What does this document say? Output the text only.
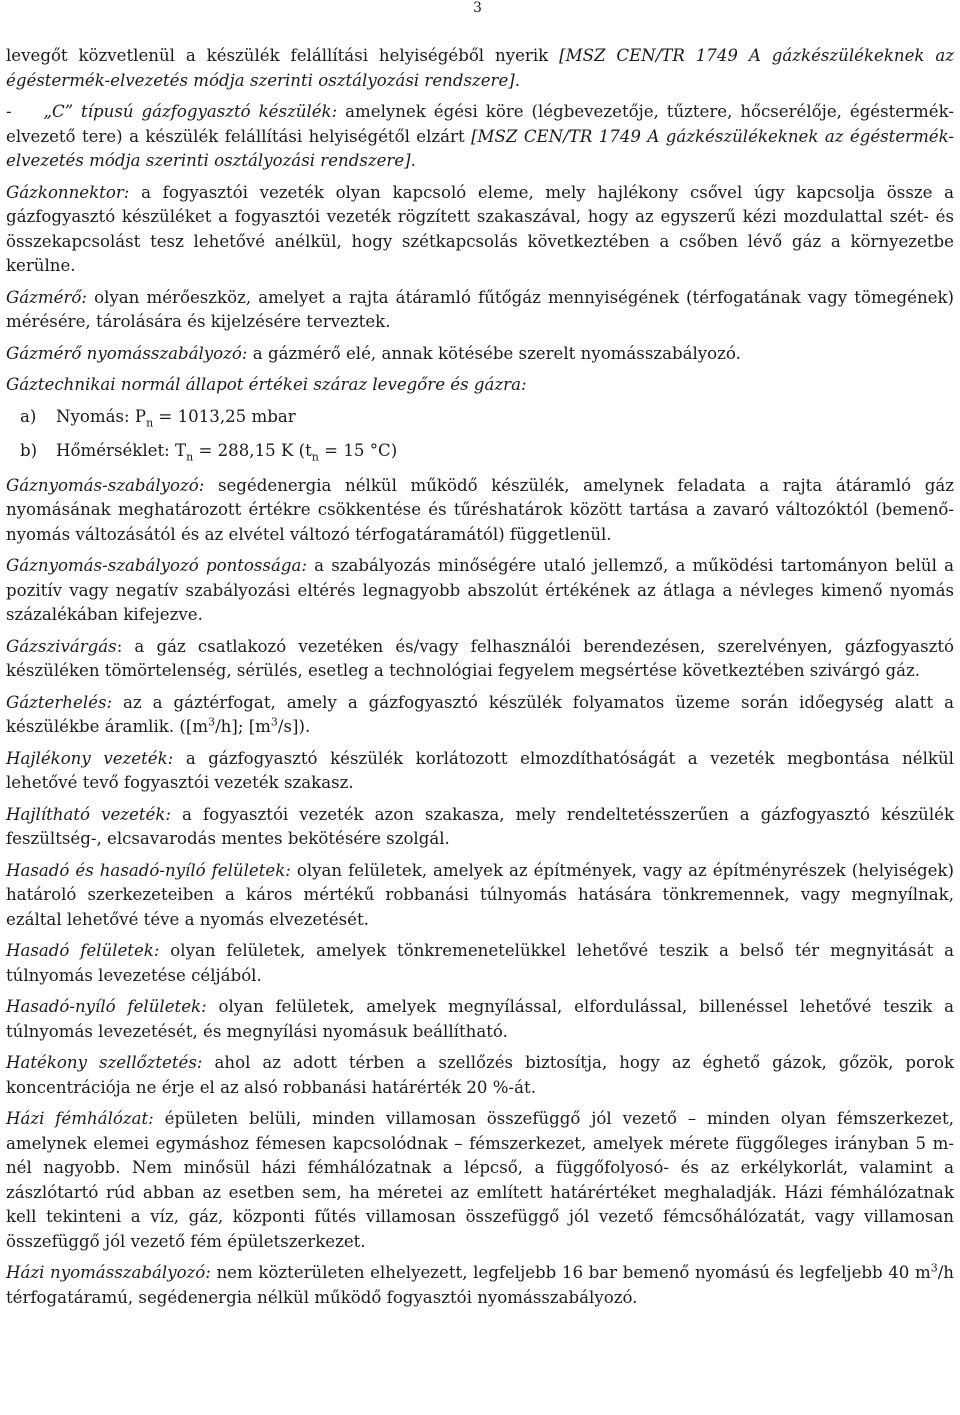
3

levegőt közvetlenül a készülék felállítási helyiségéből nyerik [MSZ CEN/TR 1749 A gázkészülékeknek az égéstermék-elvezetés módja szerinti osztályozási rendszere].

- „C” típusú gázfogyasztó készülék: amelynek égési köre (légbevezetője, tűztere, hőcserélője, égéstermék-elvezető tere) a készülék felállítási helyiségétől elzárt [MSZ CEN/TR 1749 A gázkészülékeknek az égéstermék-elvezetés módja szerinti osztályozási rendszere].

Gázkonnektor: a fogyasztói vezeték olyan kapcsoló eleme, mely hajlékony csővel úgy kapcsolja össze a gázfogyasztó készüléket a fogyasztói vezeték rögzített szakaszával, hogy az egyszerű kézi mozdulattal szét- és összekapcsolást tesz lehetővé anélkül, hogy szétkapcsolás következtében a csőben lévő gáz a környezetbe kerülne.

Gázmérő: olyan mérőeszköz, amelyet a rajta átáramló fűtőgáz mennyiségének (térfogatának vagy tömegének) mérésére, tárolására és kijelzésére terveztek.

Gázmérő nyomásszabályozó: a gázmérő elé, annak kötésébe szerelt nyomásszabályozó.

Gáztechnikai normál állapot értékei száraz levegőre és gázra:

a) Nyomás: $P_n = 1013,25$ mbar

b) Hőmérséklet: $T_n = 288,15$ K ($t_n = 15$ °C)

Gáznyomás-szabályozó: segédenergia nélkül működő készülék, amelynek feladata a rajta átáramló gáz nyomásának meghatározott értékre csökkentése és tűréshatárok között tartása a zavaró változóktól (bemenő-nyomás változásától és az elvétel változó térfogatáramától) függetlenül.

Gáznyomás-szabályozó pontossága: a szabályozás minőségére utaló jellemző, a működési tartományon belül a pozitív vagy negatív szabályozási eltérés legnagyobb abszolút értékének az átlaga a névleges kimenő nyomás százalékában kifejezve.

Gázszivárgás: a gáz csatlakozó vezetéken és/vagy felhasználói berendezésen, szerelvényen, gázfogyasztó készüléken tömörtelenség, sérülés, esetleg a technológiai fegyelem megsértése következtében szivárgó gáz.

Gázterhelés: az a gáztérfogat, amely a gázfogyasztó készülék folyamatos üzeme során időegység alatt a készülékbe áramlik. ($[m^3/h]$; $[m^3/s]$).

Hajlékony vezeték: a gázfogyasztó készülék korlátozott elmozdíthatóságát a vezeték megbontása nélkül lehetővé tevő fogyasztói vezeték szakasz.

Hajlítható vezeték: a fogyasztói vezeték azon szakasza, mely rendeltetésszerűen a gázfogyasztó készülék feszültség-, elcsavarodás mentes bekötésére szolgál.

Hasadó és hasadó-nyíló felületek: olyan felületek, amelyek az építmények, vagy az építményrészek (helyiségek) határoló szerkezeteiben a káros mértékű robbanási túlnyomás hatására tönkremennek, vagy megnyílnak, ezáltal lehetővé téve a nyomás elvezetését.

Hasadó felületek: olyan felületek, amelyek tönkremenetelükkel lehetővé teszik a belső tér megnyitását a túlnyomás levezetése céljából.

Hasadó-nyíló felületek: olyan felületek, amelyek megnyílással, elfordulással, billenéssel lehetővé teszik a túlnyomás levezetését, és megnyílási nyomásuk beállítható.

Hatékony szellőztetés: ahol az adott térben a szellőzés biztosítja, hogy az éghető gázok, gőzök, porok koncentrációja ne érje el az alsó robbanási határérték 20 %-át.

Házi fémhálózat: épületen belüli, minden villamosan összefüggő jól vezető – minden olyan fémszerkezet, amelynek elemei egymáshoz fémesen kapcsolódnak – fémszerkezet, amelyek mérete függőleges irányban 5 m-nél nagyobb. Nem minősül házi fémhálózatnak a lépcső, a függőfolyosó- és az erkélykorlát, valamint a zászlótartó rúd abban az esetben sem, ha méretei az említett határértéket meghaladják. Házi fémhálózatnak kell tekinteni a víz, gáz, központi fűtés villamosan összefüggő jól vezető fémcsőhálózatát, vagy villamosan összefüggő jól vezető fém épületszerkezet.

Házi nyomásszabályozó: nem közterületen elhelyezett, legfeljebb 16 bar bemenő nyomású és legfeljebb 40 $m^3/h$ térfogatáramú, segédenergia nélkül működő fogyasztói nyomásszabályozó.
